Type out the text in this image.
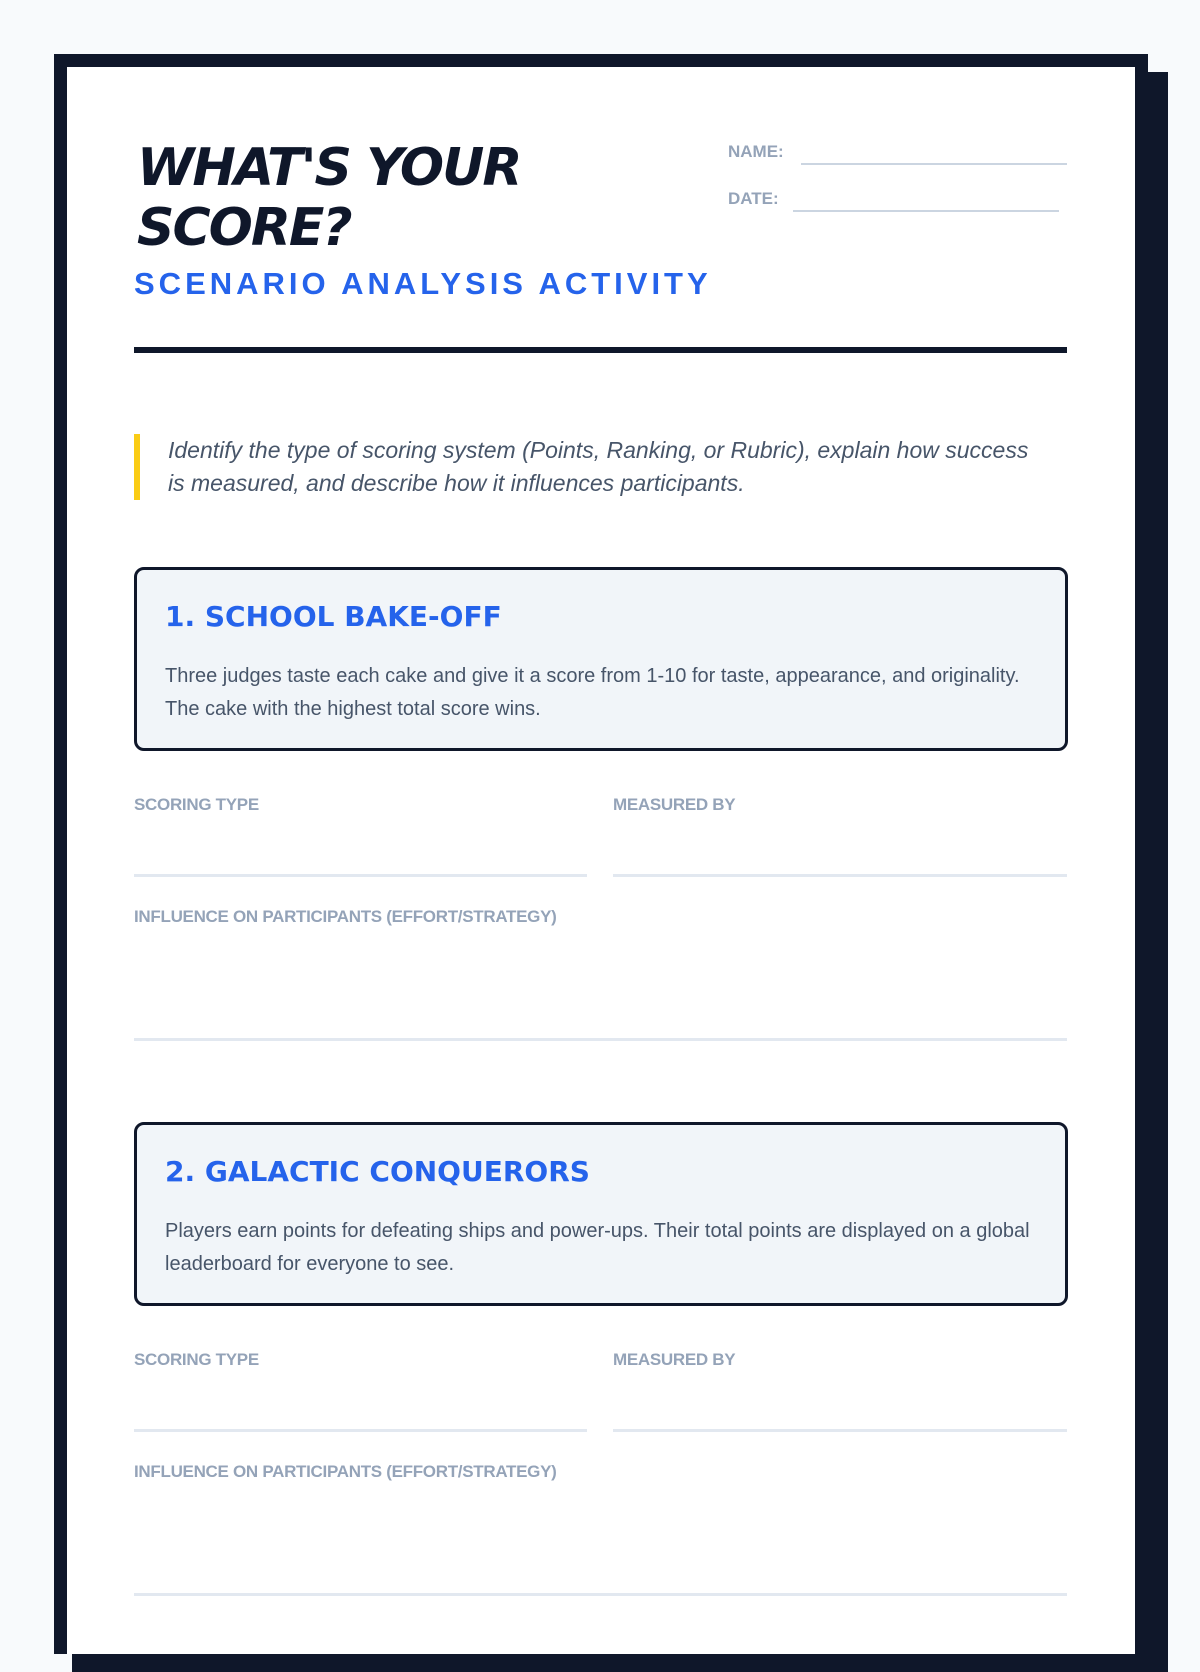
WHAT'S YOUR SCORE?
SCENARIO ANALYSIS ACTIVITY
NAME:
DATE:

Identify the type of scoring system (Points, Ranking, or Rubric), explain how success is measured, and describe how it influences participants.

1. SCHOOL BAKE-OFF

Three judges taste each cake and give it a score from 1-10 for taste, appearance, and originality. The cake with the highest total score wins.

SCORING TYPE	MEASURED BY
INFLUENCE ON PARTICIPANTS (EFFORT/STRATEGY)
2. GALACTIC CONQUERORS

Players earn points for defeating ships and power-ups. Their total points are displayed on a global leaderboard for everyone to see.

SCORING TYPE	MEASURED BY
INFLUENCE ON PARTICIPANTS (EFFORT/STRATEGY)
